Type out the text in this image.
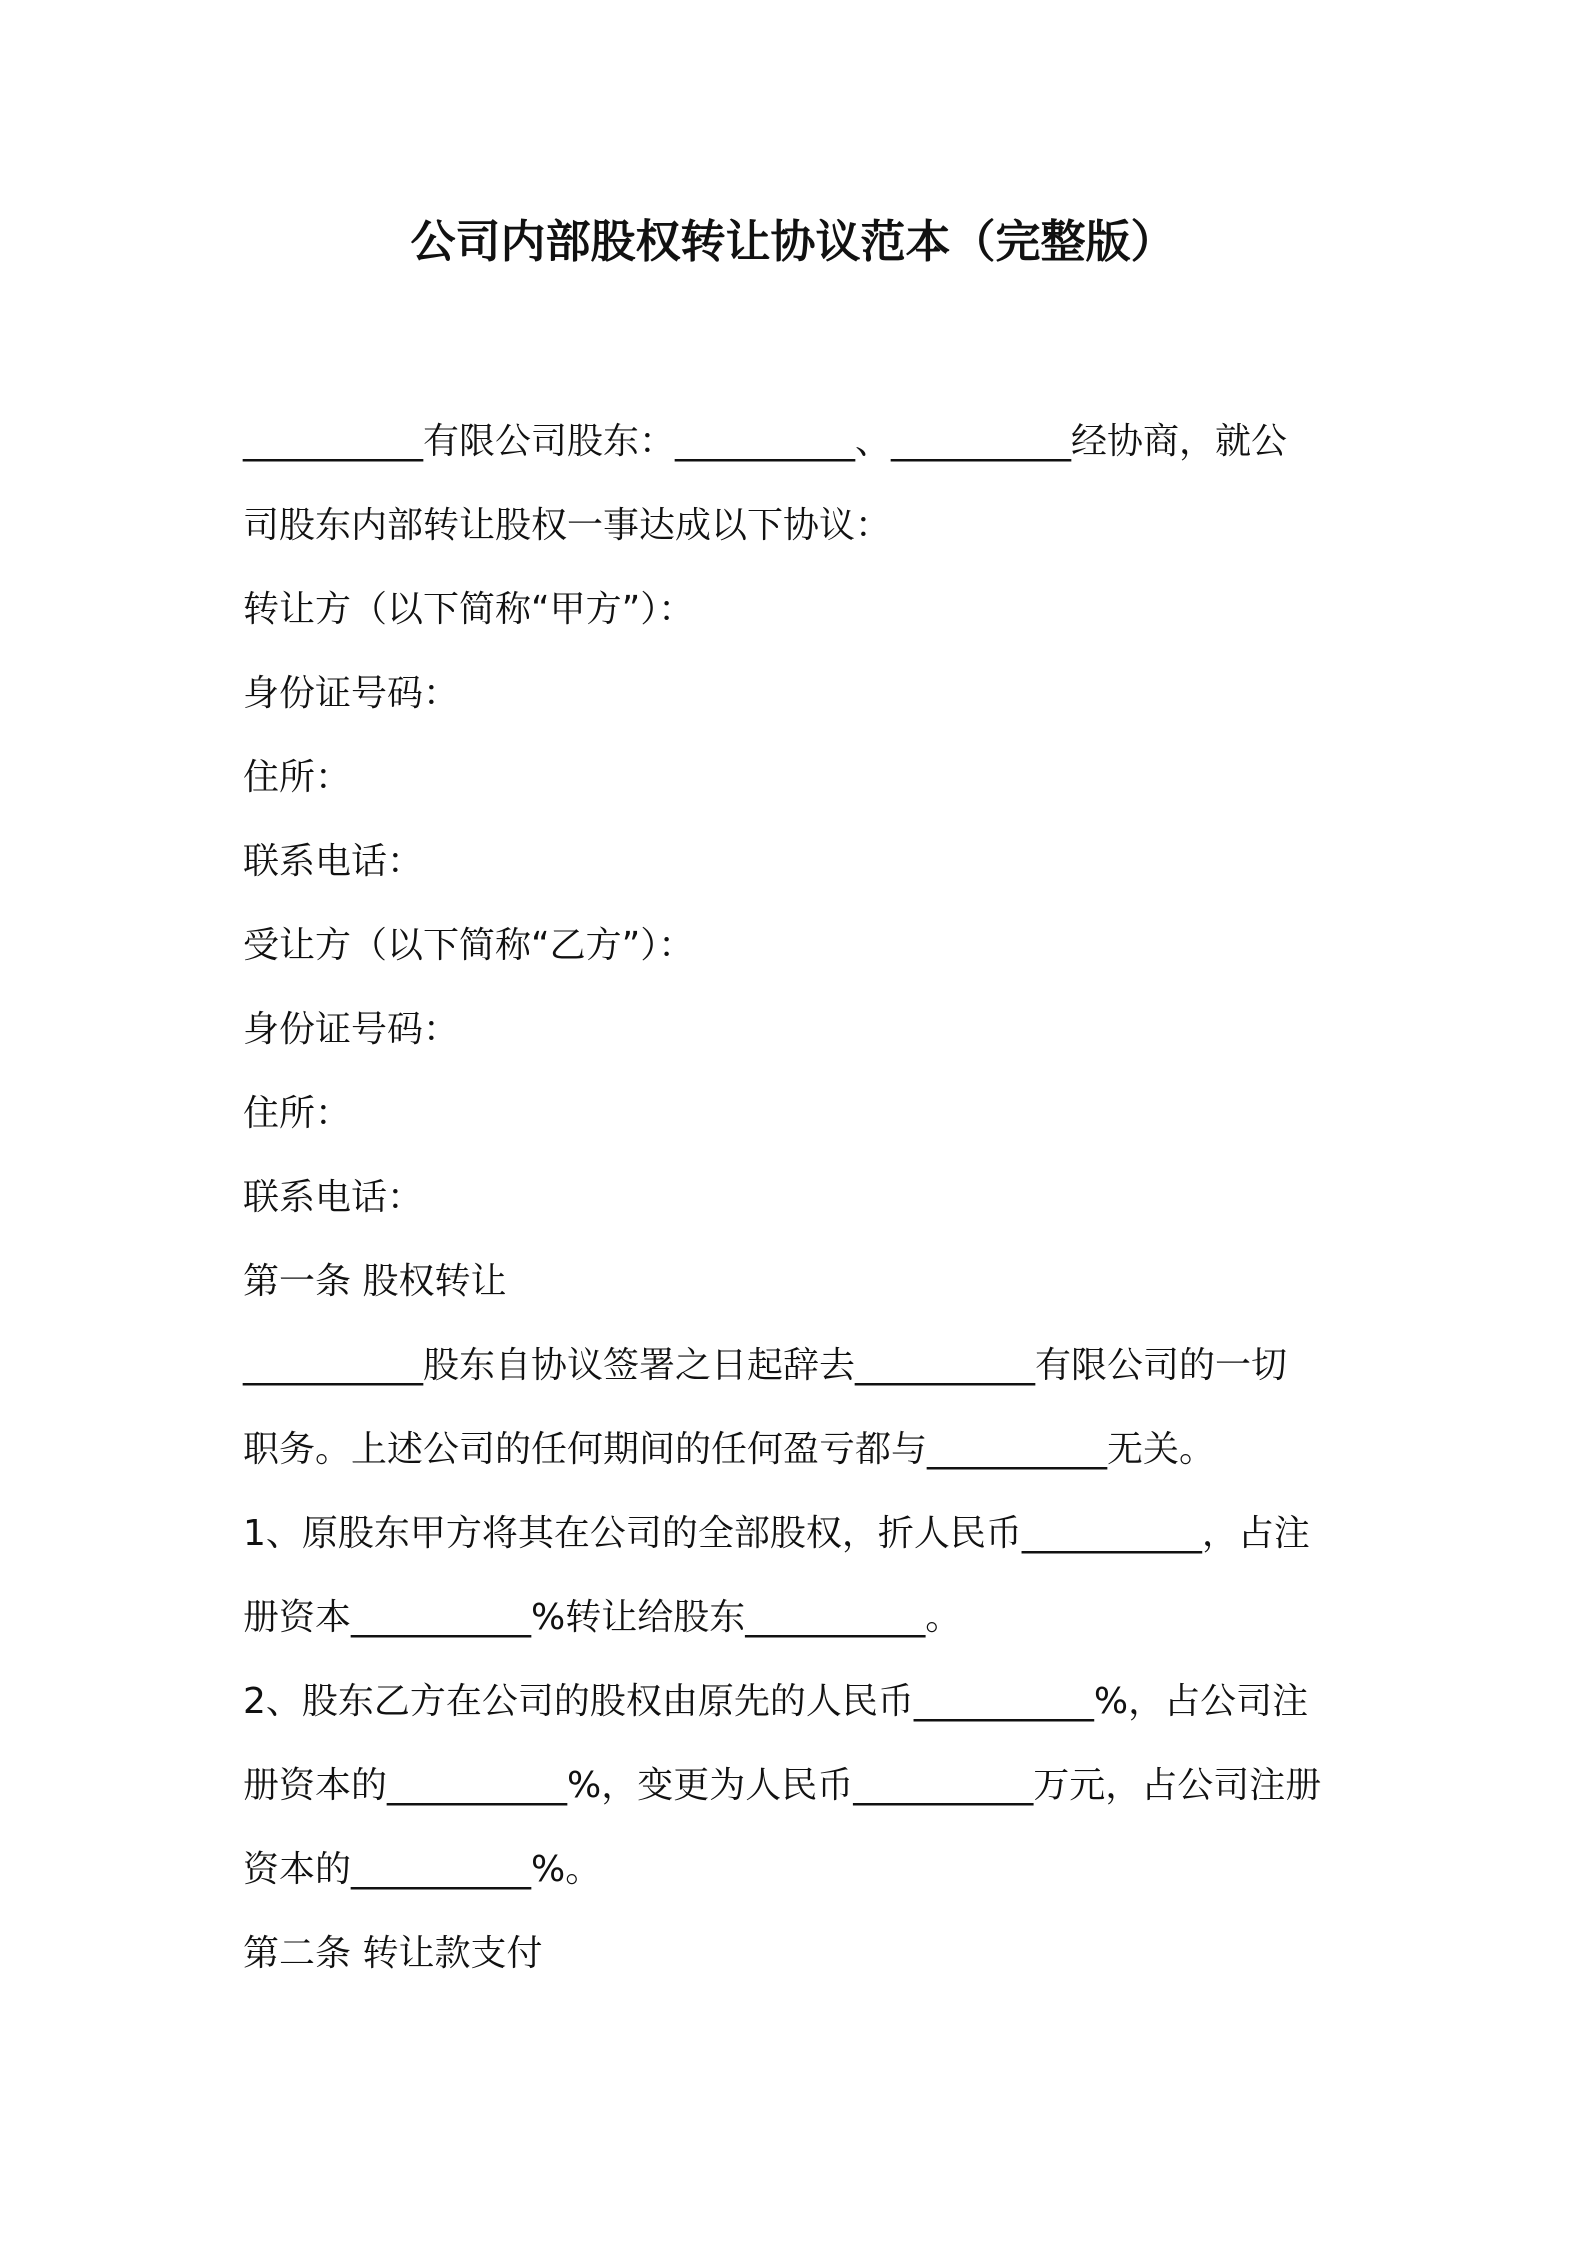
公司内部股权转让协议范本（完整版）
__________有限公司股东：__________、__________经协商，就公
司股东内部转让股权一事达成以下协议：
转让方（以下简称“甲方”）：
身份证号码：
住所：
联系电话：
受让方（以下简称“乙方”）：
身份证号码：
住所：
联系电话：
第一条 股权转让
__________股东自协议签署之日起辞去__________有限公司的一切
职务。上述公司的任何期间的任何盈亏都与__________无关。
1、原股东甲方将其在公司的全部股权，折人民币__________，占注
册资本__________%转让给股东__________。
2、股东乙方在公司的股权由原先的人民币__________%，占公司注
册资本的__________%，变更为人民币__________万元，占公司注册
资本的__________%。
第二条 转让款支付
